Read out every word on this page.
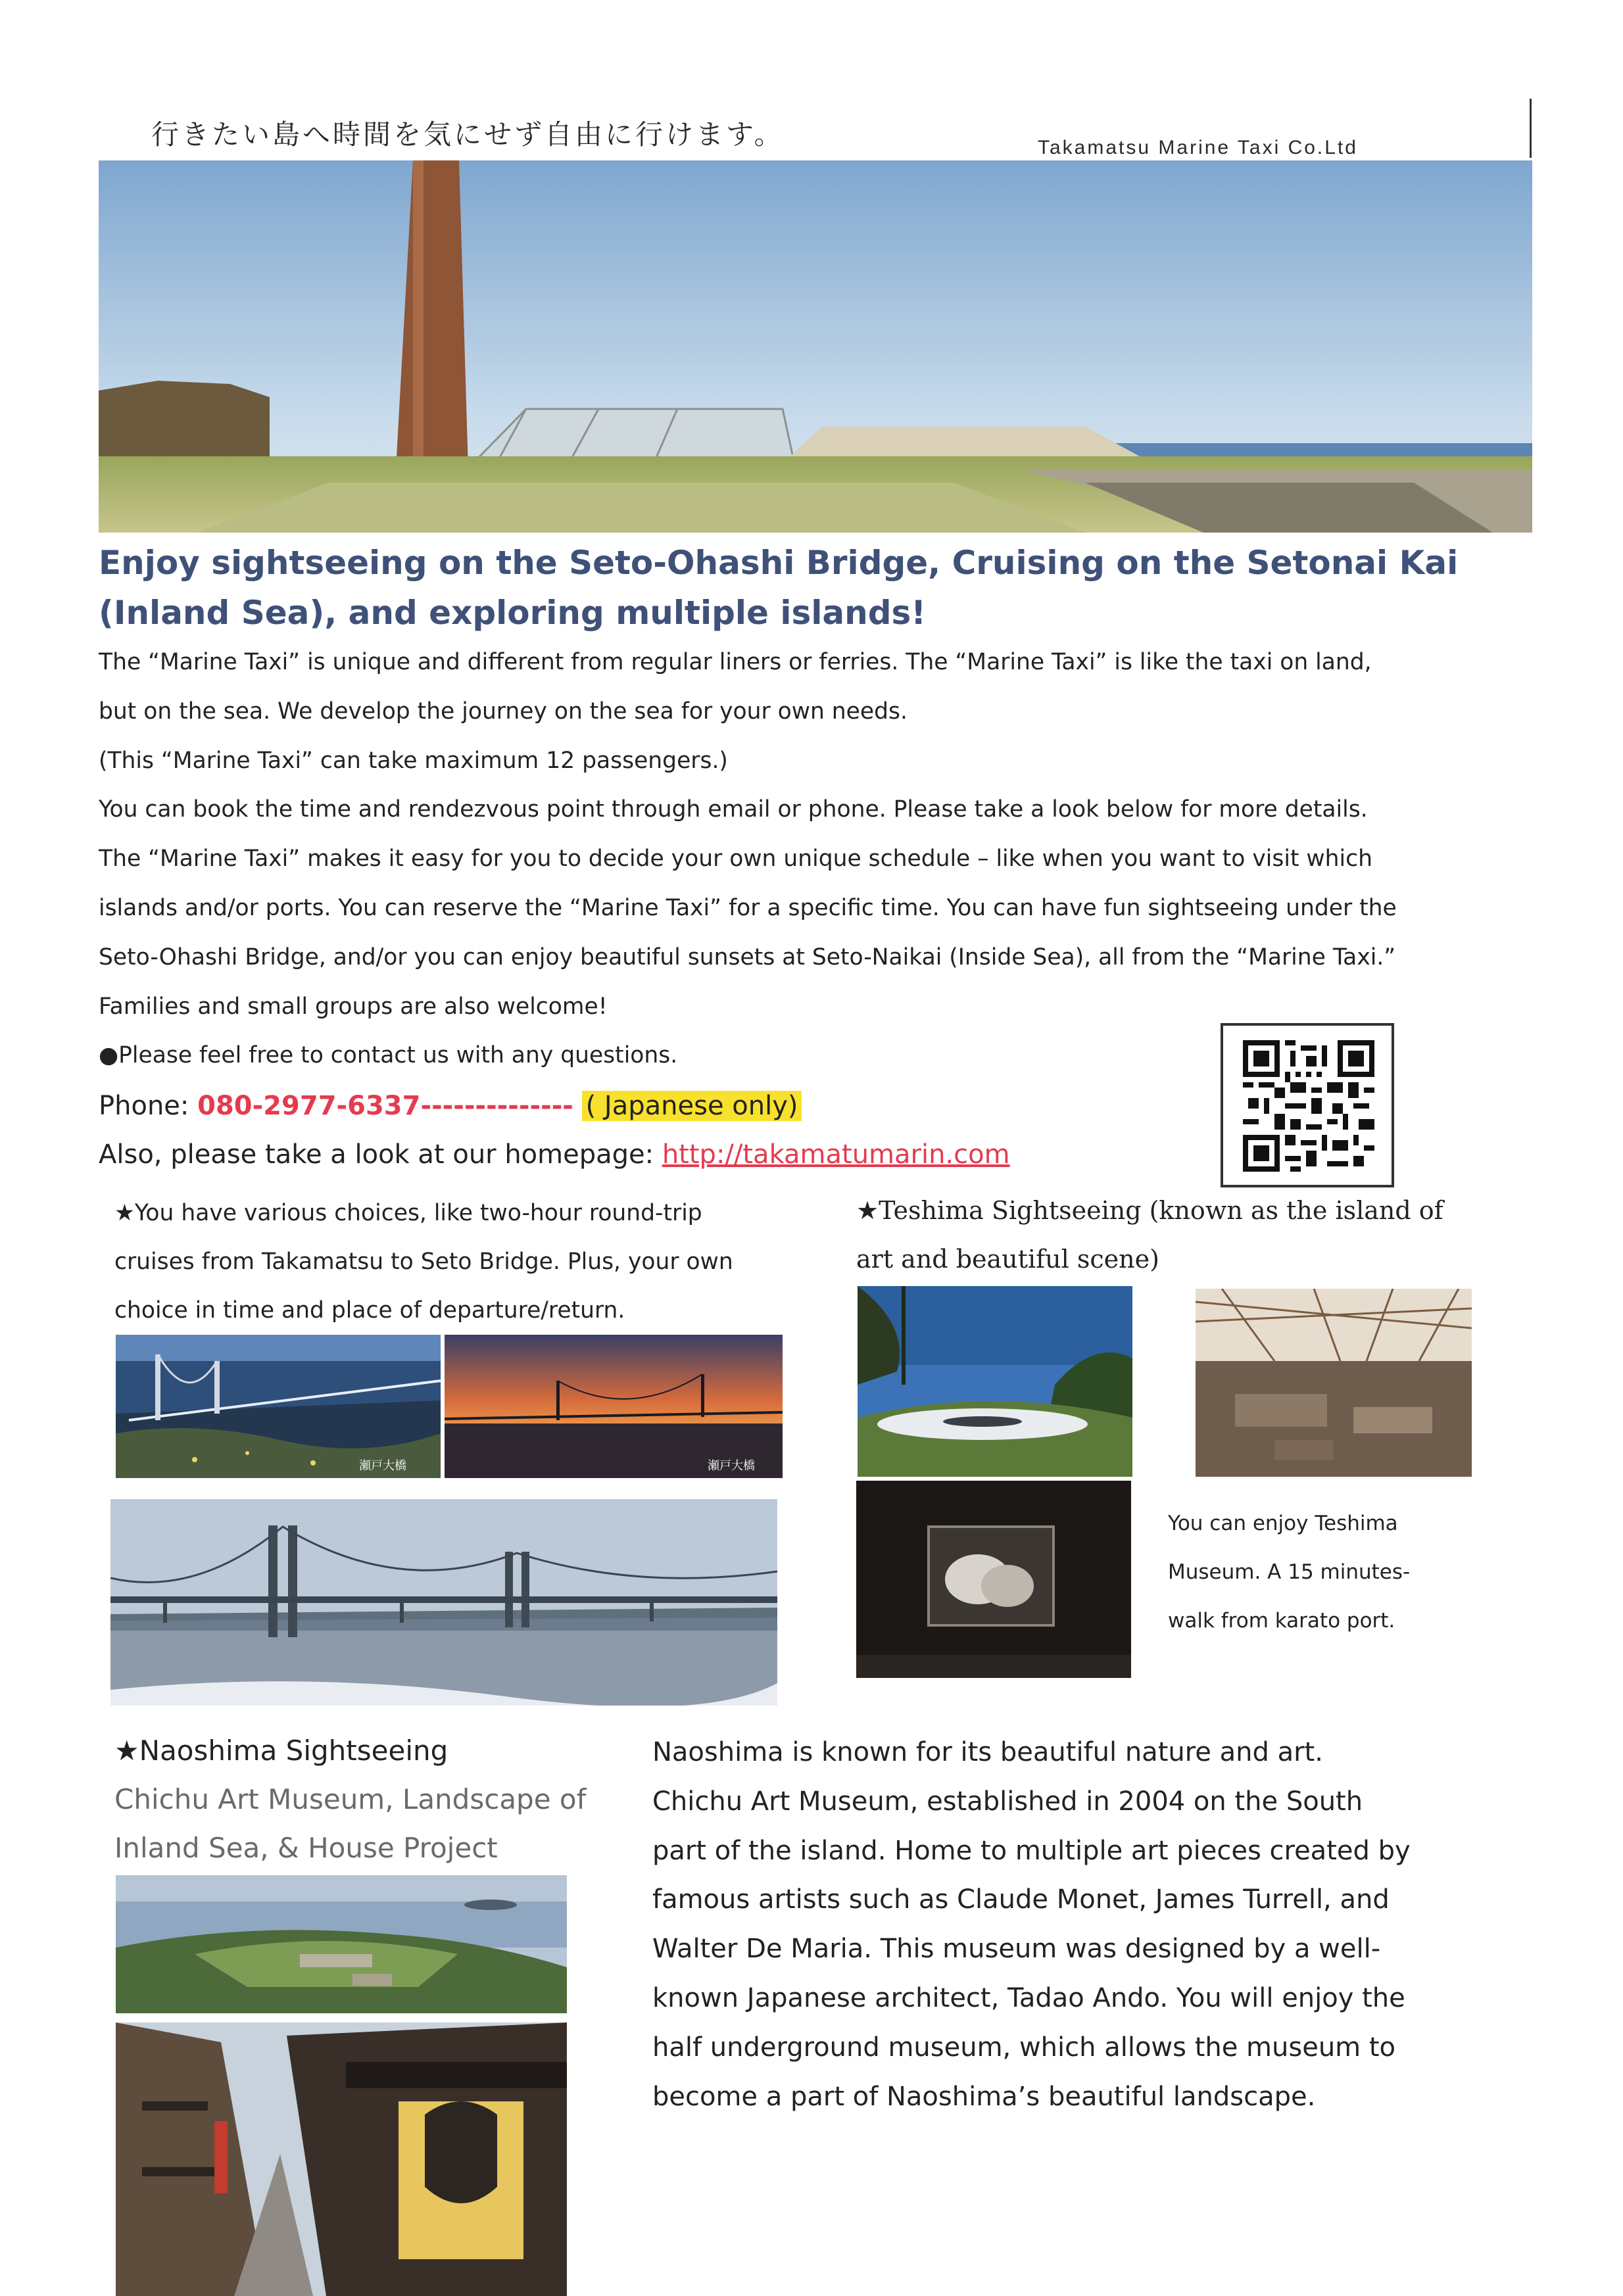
行きたい島へ時間を気にせず自由に行けます。	Takamatsu Marine Taxi Co.Ltd
Enjoy sightseeing on the Seto-Ohashi Bridge, Cruising on the Setonai Kai
(Inland Sea), and exploring multiple islands!

The “Marine Taxi” is unique and different from regular liners or ferries. The “Marine Taxi” is like the taxi on land,

but on the sea. We develop the journey on the sea for your own needs.

(This “Marine Taxi” can take maximum 12 passengers.)

You can book the time and rendezvous point through email or phone. Please take a look below for more details.

The “Marine Taxi” makes it easy for you to decide your own unique schedule – like when you want to visit which

islands and/or ports. You can reserve the “Marine Taxi” for a specific time. You can have fun sightseeing under the

Seto-Ohashi Bridge, and/or you can enjoy beautiful sunsets at Seto-Naikai (Inside Sea), all from the “Marine Taxi.”

Families and small groups are also welcome!

●Please feel free to contact us with any questions.

Phone: 080-2977-6337-------------- ( Japanese only)
Also, please take a look at our homepage: http://takamatumarin.com

★You have various choices, like two-hour round-trip

cruises from Takamatsu to Seto Bridge. Plus, your own

choice in time and place of departure/return.

瀬戸大橋	瀬戸大橋

★Teshima Sightseeing (known as the island of

art and beautiful scene)

You can enjoy Teshima

Museum. A 15 minutes-

walk from karato port.

★Naoshima Sightseeing

Chichu Art Museum, Landscape of

Inland Sea, & House Project

Naoshima is known for its beautiful nature and art.

Chichu Art Museum, established in 2004 on the South

part of the island. Home to multiple art pieces created by

famous artists such as Claude Monet, James Turrell, and

Walter De Maria. This museum was designed by a well-

known Japanese architect, Tadao Ando. You will enjoy the

half underground museum, which allows the museum to

become a part of Naoshima’s beautiful landscape.
